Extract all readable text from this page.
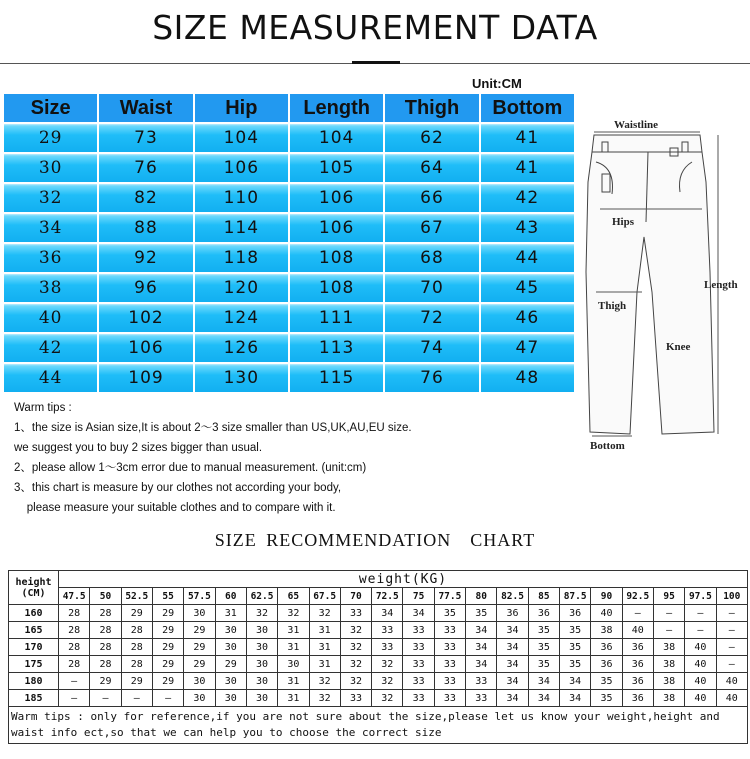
SIZE MEASUREMENT DATA
Unit:CM
Size	Waist	Hip	Length	Thigh	Bottom
29	73	104	104	62	41
30	76	106	105	64	41
32	82	110	106	66	42
34	88	114	106	67	43
36	92	118	108	68	44
38	96	120	108	70	45
40	102	124	111	72	46
42	106	126	113	74	47
44	109	130	115	76	48
Waistline
Hips
Length
Thigh
Knee
Bottom
Warm tips :
1、the size is Asian size,It is about 2～3 size smaller than US,UK,AU,EU size.
we suggest you to buy 2 sizes bigger than usual.
2、please allow 1～3cm error due to manual measurement. (unit:cm)
3、this chart is measure by our clothes not according your body,
please measure your suitable clothes and to compare with it.
SIZE RECOMMENDATION  CHART
height
(CM)	weight(KG)																					
	47.5	50	52.5	55	57.5	60	62.5	65	67.5	70	72.5	75	77.5	80	82.5	85	87.5	90	92.5	95	97.5	100
160	28	28	29	29	30	31	32	32	32	33	34	34	35	35	36	36	36	40	—	—	—	—
165	28	28	28	29	29	30	30	31	31	32	33	33	33	34	34	35	35	38	40	—	—	—
170	28	28	28	29	29	30	30	31	31	32	33	33	33	34	34	35	35	36	36	38	40	—
175	28	28	28	29	29	29	30	30	31	32	32	33	33	34	34	35	35	36	36	38	40	—
180	—	29	29	29	30	30	30	31	32	32	32	33	33	33	34	34	34	35	36	38	40	40
185	—	—	—	—	30	30	30	31	32	33	32	33	33	33	34	34	34	35	36	38	40	40
Warm tips : only for reference,if you are not sure about the size,please let us know your weight,height and waist info ect,so that we can help you to choose the correct size																						
